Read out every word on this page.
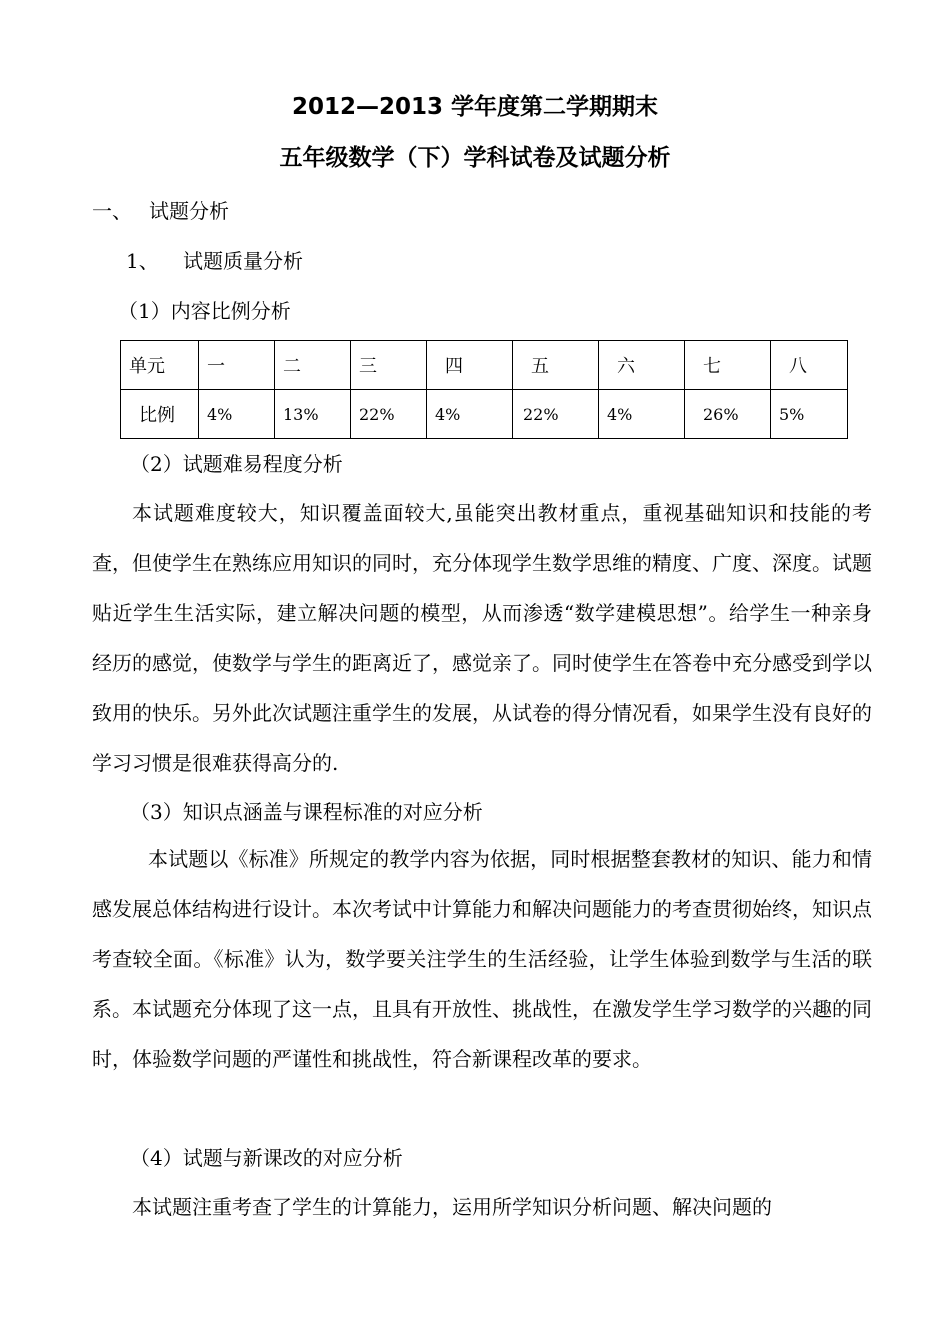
2012—2013 学年度第二学期期末
五年级数学（下）学科试卷及试题分析

一、 试题分析

1、 试题质量分析

（1）内容比例分析

单元	一	二	三	四	五	六	七	八
比例	4%	13%	22%	4%	22%	4%	26%	5%

（2）试题难易程度分析

本试题难度较大，知识覆盖面较大,虽能突出教材重点，重视基础知识和技能的考查，但使学生在熟练应用知识的同时，充分体现学生数学思维的精度、广度、深度。试题贴近学生生活实际，建立解决问题的模型，从而渗透“数学建模思想”。给学生一种亲身经历的感觉，使数学与学生的距离近了，感觉亲了。同时使学生在答卷中充分感受到学以致用的快乐。另外此次试题注重学生的发展，从试卷的得分情况看，如果学生没有良好的学习习惯是很难获得高分的.

（3）知识点涵盖与课程标准的对应分析

本试题以《标准》所规定的教学内容为依据，同时根据整套教材的知识、能力和情感发展总体结构进行设计。本次考试中计算能力和解决问题能力的考查贯彻始终，知识点考查较全面。《标准》认为，数学要关注学生的生活经验，让学生体验到数学与生活的联系。本试题充分体现了这一点，且具有开放性、挑战性，在激发学生学习数学的兴趣的同时，体验数学问题的严谨性和挑战性，符合新课程改革的要求。

（4）试题与新课改的对应分析

本试题注重考查了学生的计算能力，运用所学知识分析问题、解决问题的
